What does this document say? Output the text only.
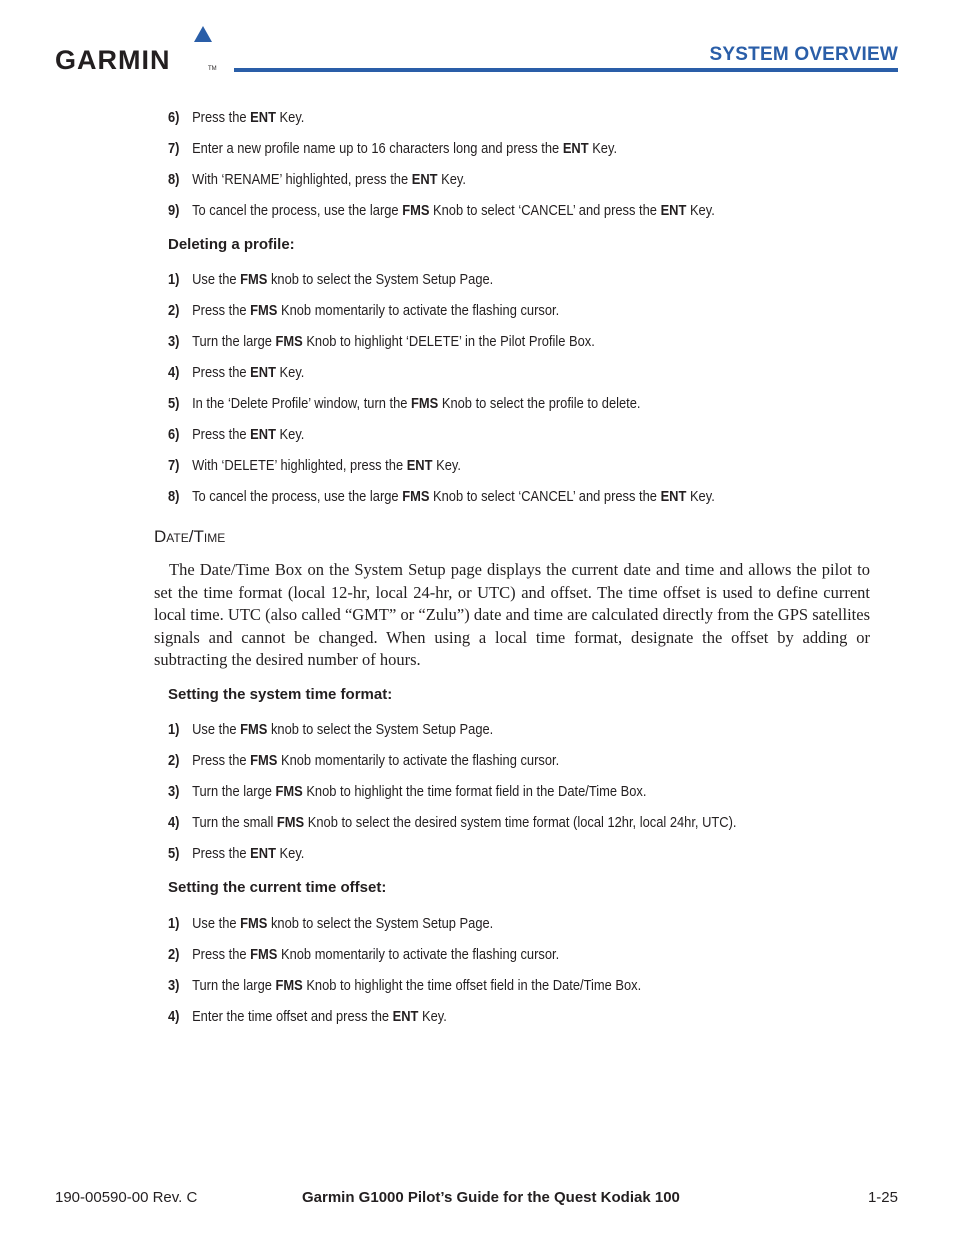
GARMIN	TM
SYSTEM OVERVIEW
6) Press the ENT Key.
7) Enter a new profile name up to 16 characters long and press the ENT Key.
8) With ‘RENAME’ highlighted, press the ENT Key.
9) To cancel the process, use the large FMS Knob to select ‘CANCEL’ and press the ENT Key.
Deleting a profile:
1) Use the FMS knob to select the System Setup Page.
2) Press the FMS Knob momentarily to activate the flashing cursor.
3) Turn the large FMS Knob to highlight ‘DELETE’ in the Pilot Profile Box.
4) Press the ENT Key.
5) In the ‘Delete Profile’ window, turn the FMS Knob to select the profile to delete.
6) Press the ENT Key.
7) With ‘DELETE’ highlighted, press the ENT Key.
8) To cancel the process, use the large FMS Knob to select ‘CANCEL’ and press the ENT Key.
DATE/TIME
The Date/Time Box on the System Setup page displays the current date and time and allows the pilot to set the time format (local 12-hr, local 24-hr, or UTC) and offset. The time offset is used to define current local time. UTC (also called “GMT” or “Zulu”) date and time are calculated directly from the GPS satellites signals and cannot be changed. When using a local time format, designate the offset by adding or subtracting the desired number of hours.
Setting the system time format:
1) Use the FMS knob to select the System Setup Page.
2) Press the FMS Knob momentarily to activate the flashing cursor.
3) Turn the large FMS Knob to highlight the time format field in the Date/Time Box.
4) Turn the small FMS Knob to select the desired system time format (local 12hr, local 24hr, UTC).
5) Press the ENT Key.
Setting the current time offset:
1) Use the FMS knob to select the System Setup Page.
2) Press the FMS Knob momentarily to activate the flashing cursor.
3) Turn the large FMS Knob to highlight the time offset field in the Date/Time Box.
4) Enter the time offset and press the ENT Key.
190-00590-00 Rev. C	Garmin G1000 Pilot’s Guide for the Quest Kodiak 100	1-25
